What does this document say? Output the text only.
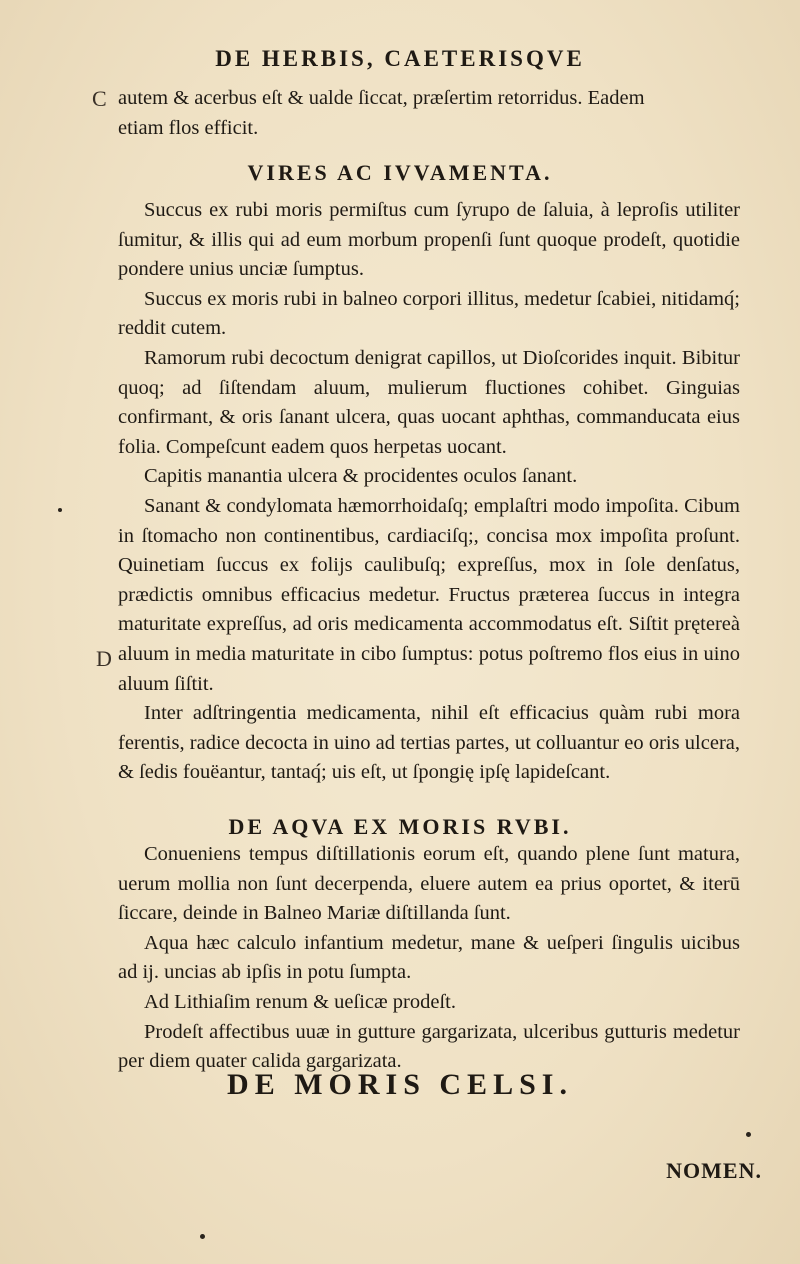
DE HERBIS, CAETERISQVE
C
D

autem & acerbus eſt & ualde ſiccat, præſertim retorridus. Eadem

etiam flos efficit.

VIRES AC IVVAMENTA.

Succus ex rubi moris permiſtus cum ſyrupo de ſaluia, à leproſis utiliter ſumitur, & illis qui ad eum morbum propenſi ſunt quoque prodeſt, quotidie pondere unius unciæ ſumptus.

Succus ex moris rubi in balneo corpori illitus, medetur ſcabiei, nitidamq́; reddit cutem.

Ramorum rubi decoctum denigrat capillos, ut Dioſcorides inquit. Bibitur quoq; ad ſiſtendam aluum, mulierum fluctiones cohibet. Ginguias confirmant, & oris ſanant ulcera, quas uocant aphthas, commanducata eius folia. Compeſcunt eadem quos herpetas uocant.

Capitis manantia ulcera & procidentes oculos ſanant.

Sanant & condylomata hæmorrhoidaſq; emplaſtri modo impoſita. Cibum in ſtomacho non continentibus, cardiaciſq;, concisa mox impoſita proſunt. Quinetiam ſuccus ex folijs caulibuſq; expreſſus, mox in ſole denſatus, prædictis omnibus efficacius medetur. Fructus præterea ſuccus in integra maturitate expreſſus, ad oris medicamenta accommodatus eſt. Siſtit prętereà aluum in media maturitate in cibo ſumptus: potus poſtremo flos eius in uino aluum ſiſtit.

Inter adſtringentia medicamenta, nihil eſt efficacius quàm rubi mora ferentis, radice decocta in uino ad tertias partes, ut colluantur eo oris ulcera, & ſedis fouëantur, tantaq́; uis eſt, ut ſpongię ipſę lapideſcant.

DE AQVA EX MORIS RVBI.

Conueniens tempus diſtillationis eorum eſt, quando plene ſunt matura, uerum mollia non ſunt decerpenda, eluere autem ea prius oportet, & iterū ſiccare, deinde in Balneo Mariæ diſtillanda ſunt.

Aqua hæc calculo infantium medetur, mane & ueſperi ſingulis uicibus ad ij. uncias ab ipſis in potu ſumpta.

Ad Lithiaſim renum & ueſicæ prodeſt.

Prodeſt affectibus uuæ in gutture gargarizata, ulceribus gutturis medetur per diem quater calida gargarizata.

DE MORIS CELSI.
NOMEN.
